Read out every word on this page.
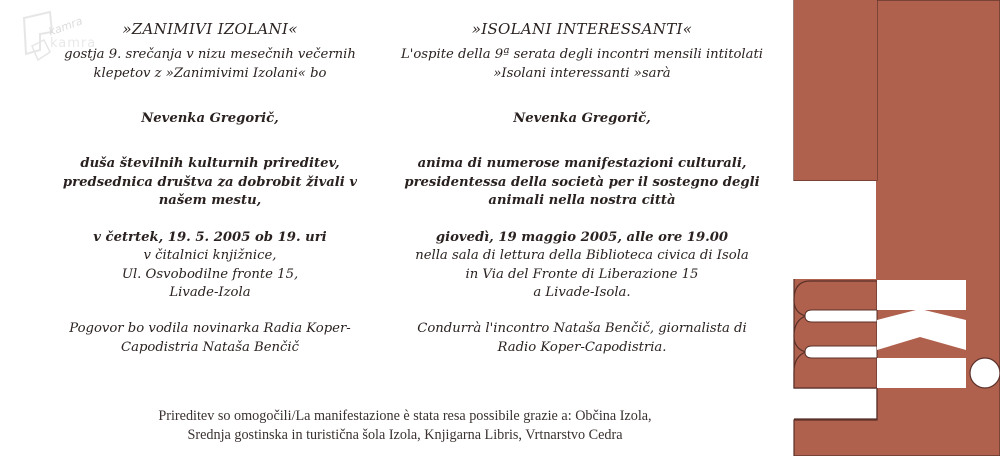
kamra
kamra

»ZANIMIVI IZOLANI«

gostja 9. srečanja v nizu mesečnih večernih
klepetov z »Zanimivimi Izolani« bo

Nevenka Gregorič,

duša številnih kulturnih prireditev,
predsednica društva za dobrobit živali v
našem mestu,

v četrtek, 19. 5. 2005 ob 19. uri

v čitalnici knjižnice,
Ul. Osvobodilne fronte 15,
Livade-Izola

Pogovor bo vodila novinarka Radia Koper-
Capodistria Nataša Benčič

»ISOLANI INTERESSANTI«

L'ospite della 9ª serata degli incontri mensili intitolati
»Isolani interessanti »sarà

Nevenka Gregorič,

anima di numerose manifestazioni culturali,
presidentessa della società per il sostegno degli
animali nella nostra città

giovedì, 19 maggio 2005, alle ore 19.00

nella sala di lettura della Biblioteca civica di Isola
in Via del Fronte di Liberazione 15
a Livade-Isola.

Condurrà l'incontro Nataša Benčič, giornalista di
Radio Koper-Capodistria.

Prireditev so omogočili/La manifestazione è stata resa possibile grazie a: Občina Izola,
Srednja gostinska in turistična šola Izola, Knjigarna Libris, Vrtnarstvo Cedra
